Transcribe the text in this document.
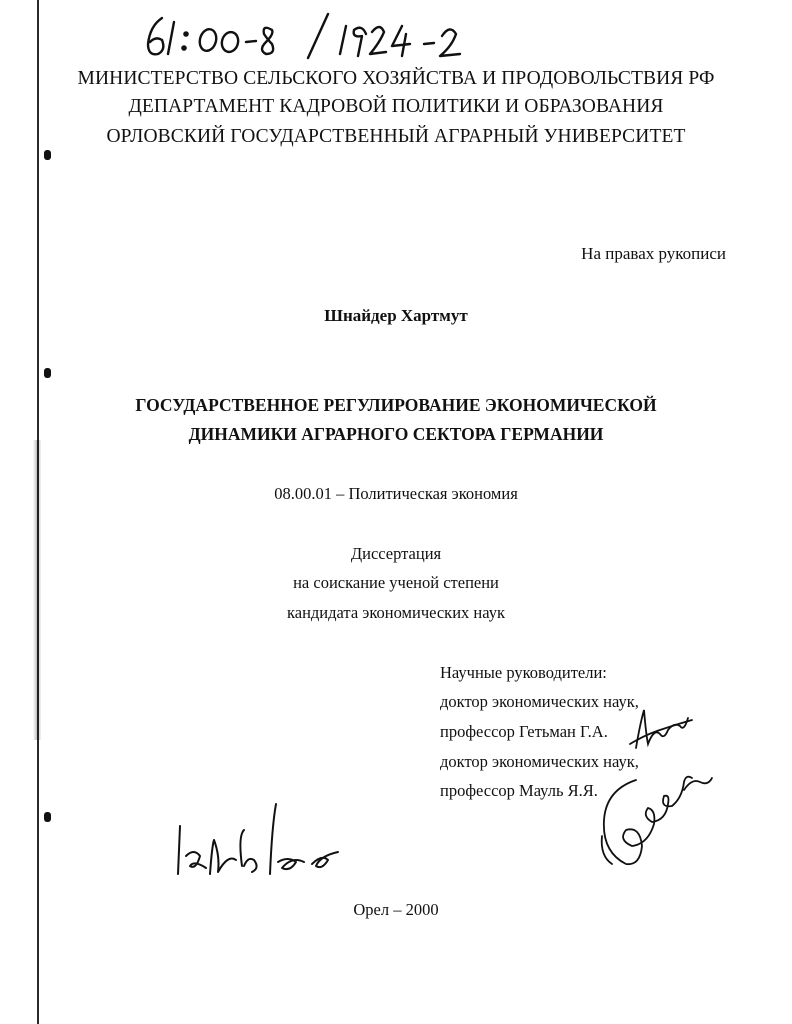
МИНИСТЕРСТВО СЕЛЬСКОГО ХОЗЯЙСТВА И ПРОДОВОЛЬСТВИЯ РФ
ДЕПАРТАМЕНТ КАДРОВОЙ ПОЛИТИКИ И ОБРАЗОВАНИЯ
ОРЛОВСКИЙ ГОСУДАРСТВЕННЫЙ АГРАРНЫЙ УНИВЕРСИТЕТ
На правах рукописи
Шнайдер Хартмут
ГОСУДАРСТВЕННОЕ РЕГУЛИРОВАНИЕ ЭКОНОМИЧЕСКОЙ
ДИНАМИКИ АГРАРНОГО СЕКТОРА ГЕРМАНИИ
08.00.01 – Политическая экономия
Диссертация
на соискание ученой степени
кандидата экономических наук
Научные руководители:
доктор экономических наук,
профессор Гетьман Г.А.
доктор экономических наук,
профессор Мауль Я.Я.
Орел – 2000
